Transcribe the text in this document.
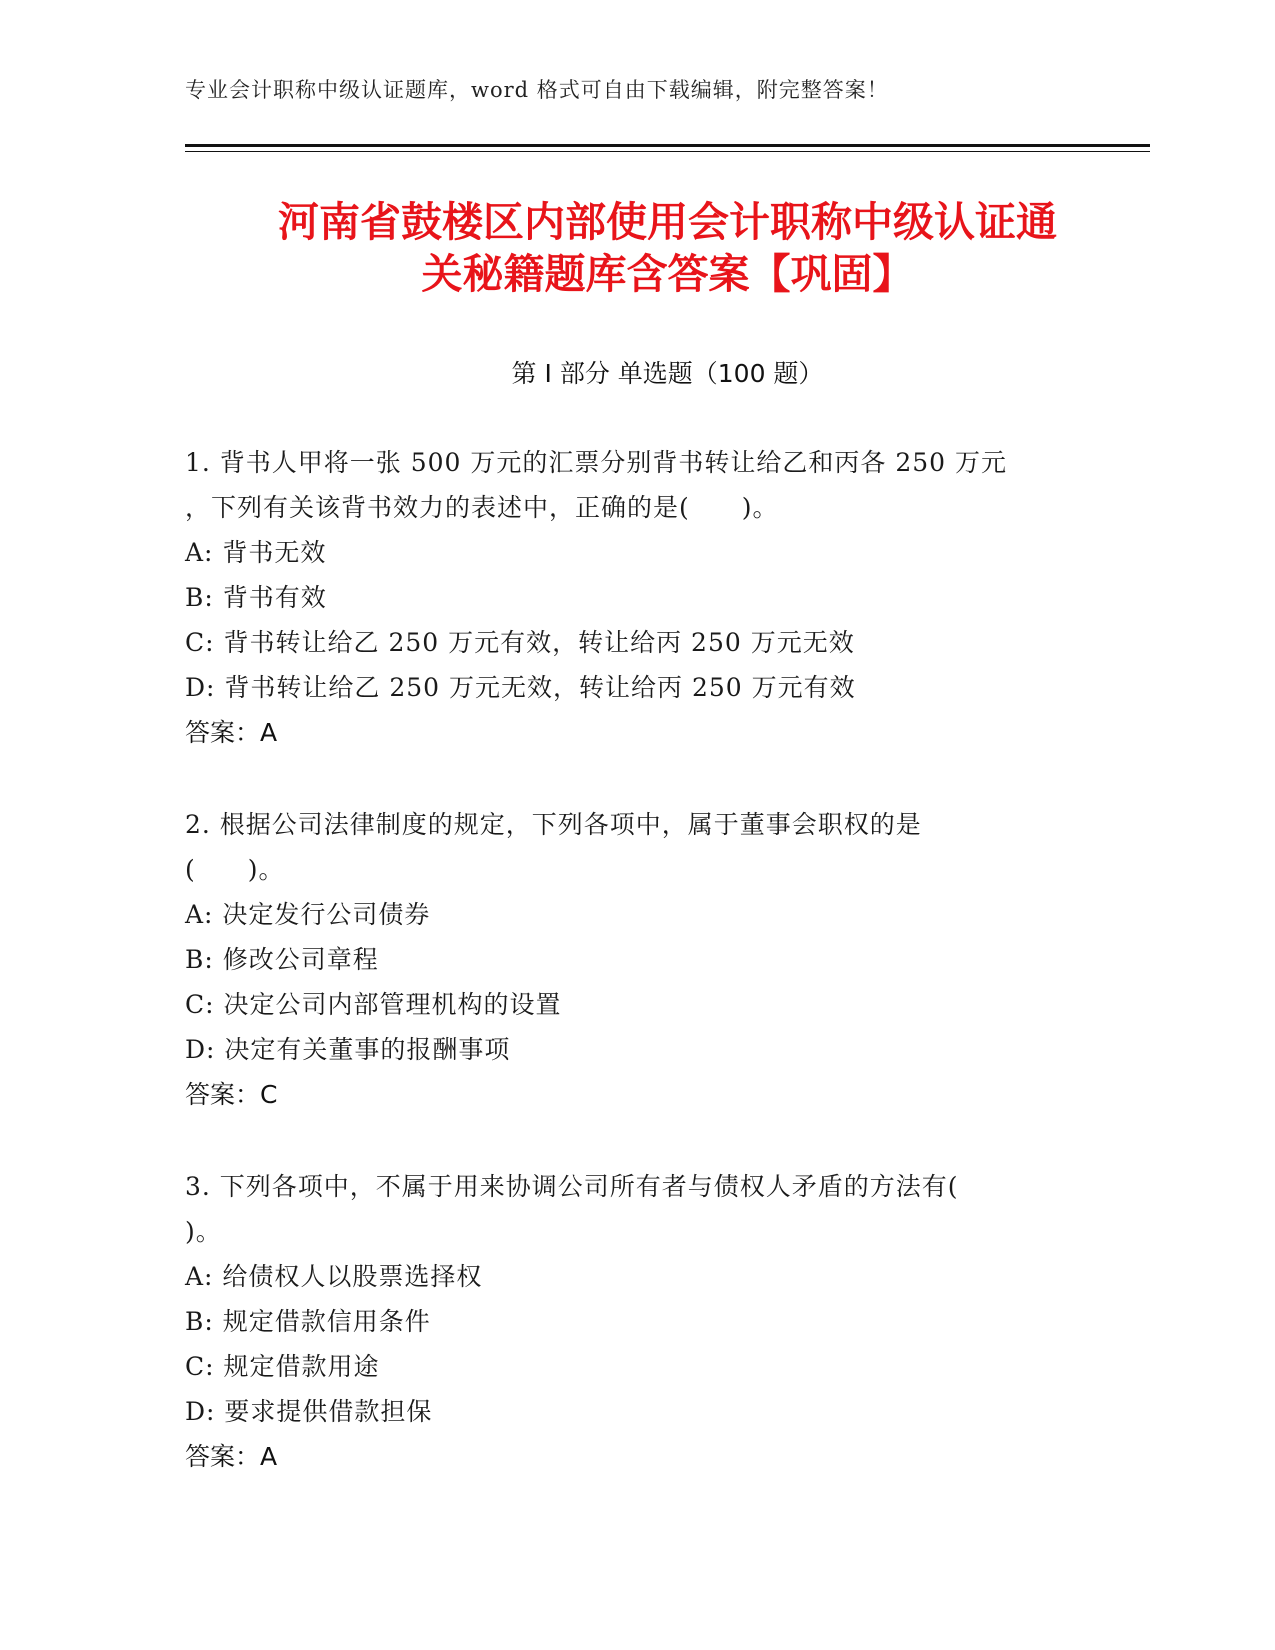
专业会计职称中级认证题库，word 格式可自由下载编辑，附完整答案！
河南省鼓楼区内部使用会计职称中级认证通
关秘籍题库含答案【巩固】
第 I 部分 单选题（100 题）
1. 背书人甲将一张 500 万元的汇票分别背书转让给乙和丙各 250 万元
，下列有关该背书效力的表述中，正确的是(　　)。
A: 背书无效
B: 背书有效
C: 背书转让给乙 250 万元有效，转让给丙 250 万元无效
D: 背书转让给乙 250 万元无效，转让给丙 250 万元有效
答案：A
2. 根据公司法律制度的规定，下列各项中，属于董事会职权的是
(　　)。
A: 决定发行公司债券
B: 修改公司章程
C: 决定公司内部管理机构的设置
D: 决定有关董事的报酬事项
答案：C
3. 下列各项中，不属于用来协调公司所有者与债权人矛盾的方法有(
)。
A: 给债权人以股票选择权
B: 规定借款信用条件
C: 规定借款用途
D: 要求提供借款担保
答案：A
